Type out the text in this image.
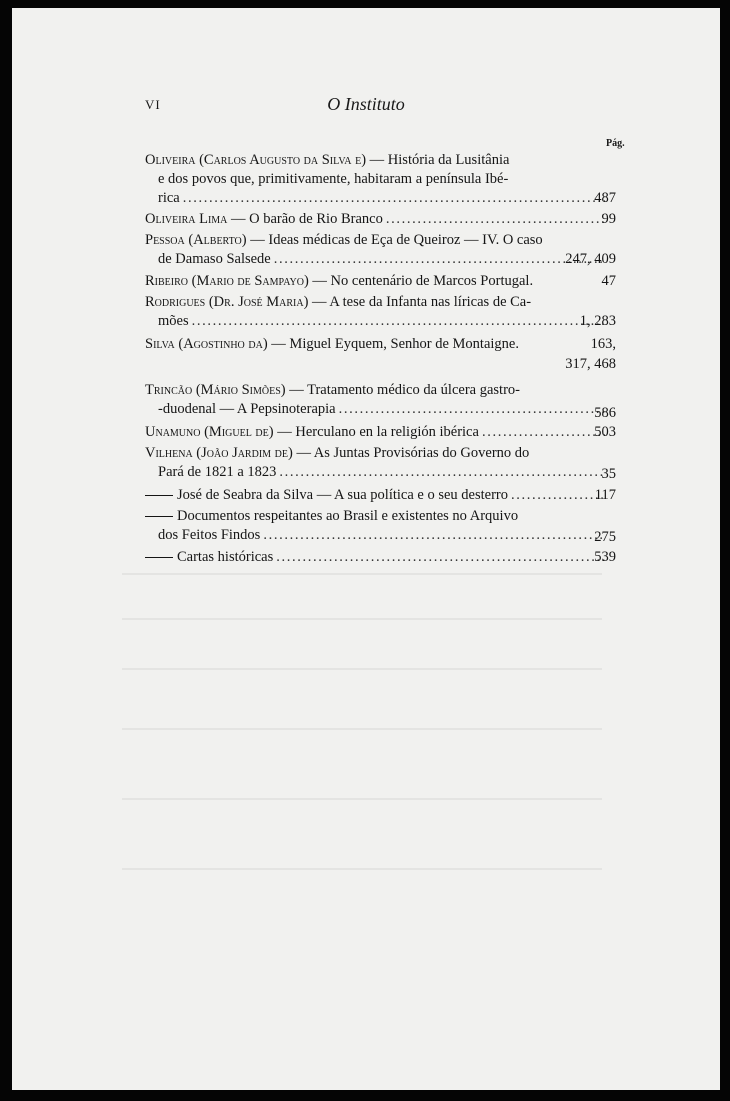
VI	O Instituto
Pág.
Oliveira (Carlos Augusto da Silva e) — História da Lusitânia
e dos povos que, primitivamente, habitaram a península Ibé-
rica . . .	487
Oliveira Lima — O barão de Rio Branco . . .	99
Pessoa (Alberto) — Ideas médicas de Eça de Queiroz — IV. O caso
de Damaso Salsede . . .	247, 409
Ribeiro (Mario de Sampayo) — No centenário de Marcos Portugal.	47
Rodrigues (Dr. José Maria) — A tese da Infanta nas líricas de Ca-
mões . . .	1, 283
Silva (Agostinho da) — Miguel Eyquem, Senhor de Montaigne.	163,
317, 468
Trincão (Mário Simões) — Tratamento médico da úlcera gastro-
-duodenal — A Pepsinoterapia . . .	586
Unamuno (Miguel de) — Herculano en la religión ibérica . . .	503
Vilhena (João Jardim de) — As Juntas Provisórias do Governo do
Pará de 1821 a 1823 . . .	35
José de Seabra da Silva — A sua política e o seu desterro . . .	117
Documentos respeitantes ao Brasil e existentes no Arquivo
dos Feitos Findos . . .	275
Cartas históricas . . .	539
